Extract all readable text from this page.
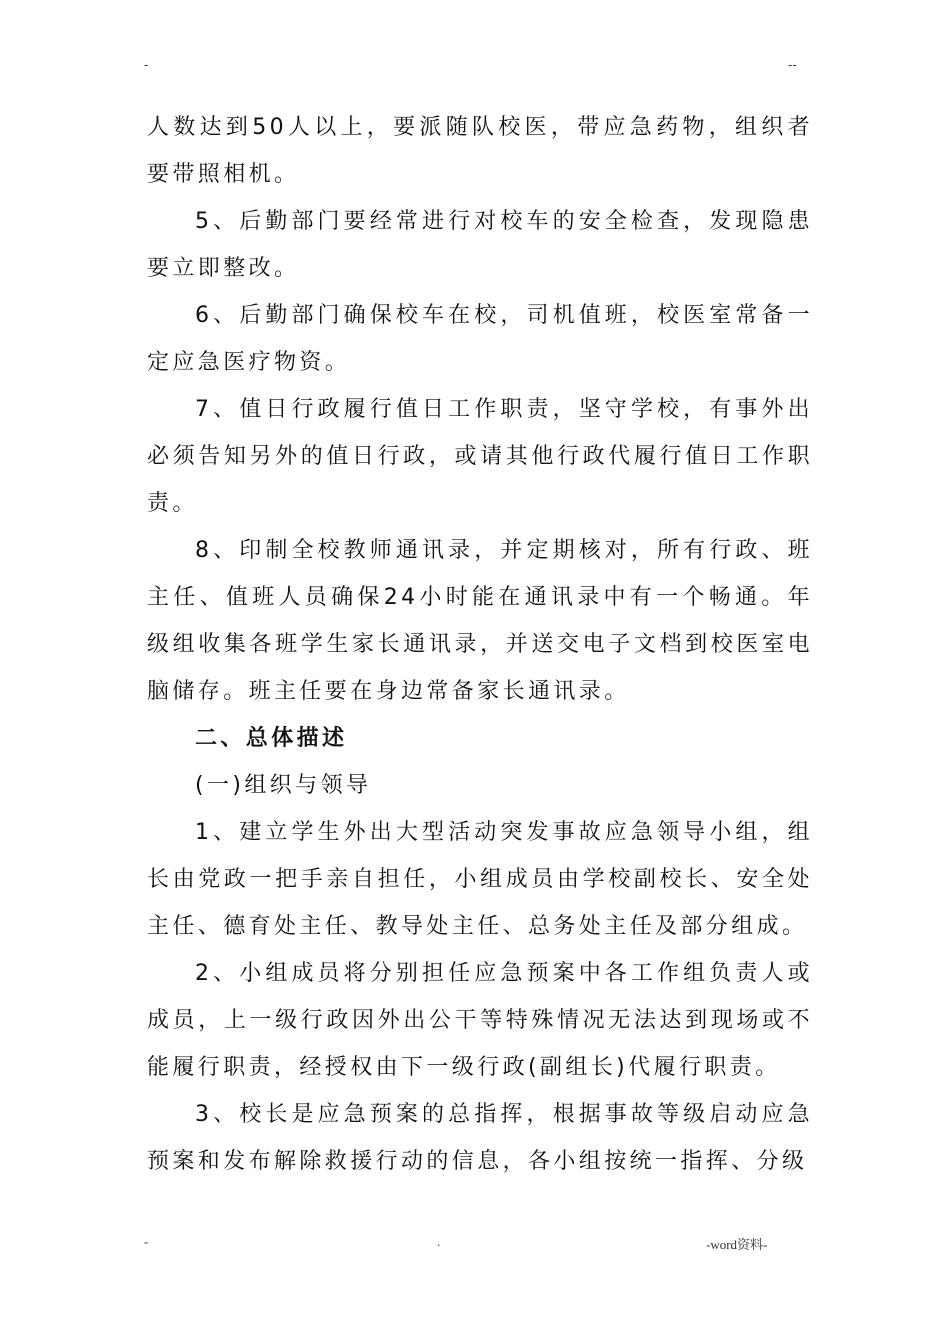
-	--

人数达到50人以上，要派随队校医，带应急药物，组织者要带照相机。

5、后勤部门要经常进行对校车的安全检查，发现隐患要立即整改。

6、后勤部门确保校车在校，司机值班，校医室常备一定应急医疗物资。

7、值日行政履行值日工作职责，坚守学校，有事外出必须告知另外的值日行政，或请其他行政代履行值日工作职责。

8、印制全校教师通讯录，并定期核对，所有行政、班主任、值班人员确保24小时能在通讯录中有一个畅通。年级组收集各班学生家长通讯录，并送交电子文档到校医室电脑储存。班主任要在身边常备家长通讯录。

二、总体描述

(一)组织与领导

1、建立学生外出大型活动突发事故应急领导小组，组长由党政一把手亲自担任，小组成员由学校副校长、安全处主任、德育处主任、教导处主任、总务处主任及部分组成。

2、小组成员将分别担任应急预案中各工作组负责人或成员，上一级行政因外出公干等特殊情况无法达到现场或不能履行职责，经授权由下一级行政(副组长)代履行职责。

3、校长是应急预案的总指挥，根据事故等级启动应急预案和发布解除救援行动的信息，各小组按统一指挥、分级

-	.	-word资料-
